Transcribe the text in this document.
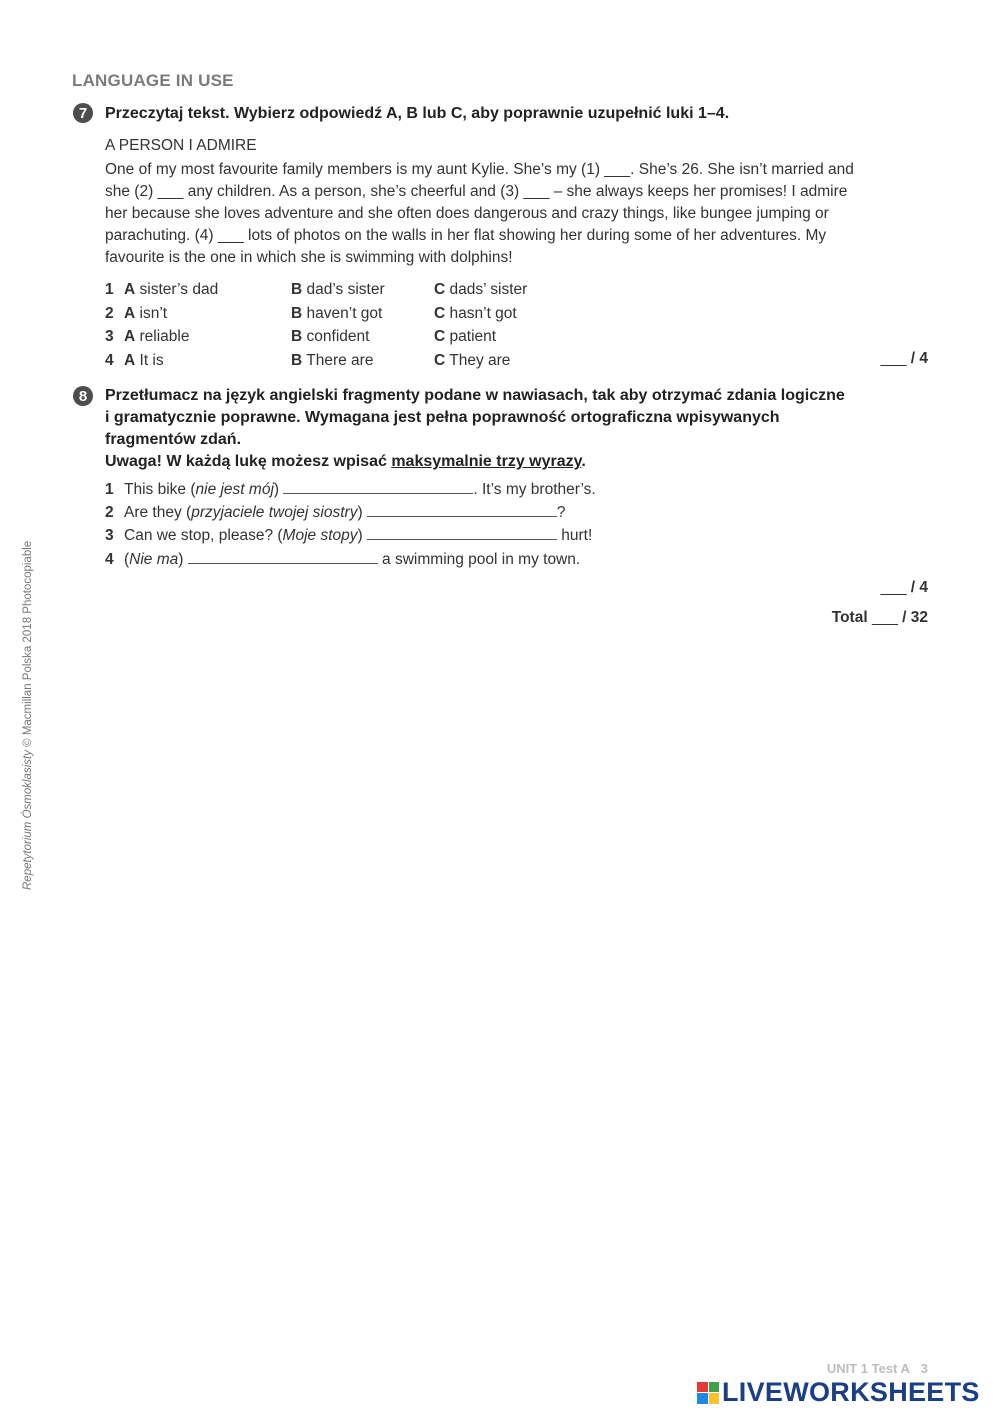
LANGUAGE IN USE
7	Przeczytaj tekst. Wybierz odpowiedź A, B lub C, aby poprawnie uzupełnić luki 1–4.
A PERSON I ADMIRE
One of my most favourite family members is my aunt Kylie. She’s my (1) ___. She’s 26. She isn’t married and
she (2) ___ any children. As a person, she’s cheerful and (3) ___ – she always keeps her promises! I admire
her because she loves adventure and she often does dangerous and crazy things, like bungee jumping or
parachuting. (4) ___ lots of photos on the walls in her flat showing her during some of her adventures. My
favourite is the one in which she is swimming with dolphins!
1 A sister’s dad	B dad’s sister	C dads’ sister
2 A isn’t	B haven’t got	C hasn’t got
3 A reliable	B confident	C patient
4 A It is	B There are	C They are	___ / 4
8	Przetłumacz na język angielski fragmenty podane w nawiasach, tak aby otrzymać zdania logiczne
i gramatycznie poprawne. Wymagana jest pełna poprawność ortograficzna wpisywanych
fragmentów zdań.
Uwaga! W każdą lukę możesz wpisać maksymalnie trzy wyrazy.
1 This bike (nie jest mój)	. It’s my brother’s.
2 Are they (przyjaciele twojej siostry)	?
3 Can we stop, please? (Moje stopy)	hurt!
4 (Nie ma)	a swimming pool in my town.
___ / 4
Total ___ / 32
Repetytorium Ósmoklasisty © Macmillan Polska 2018 Photocopiable
UNIT 1 Test A 3
LIVEWORKSHEETS
